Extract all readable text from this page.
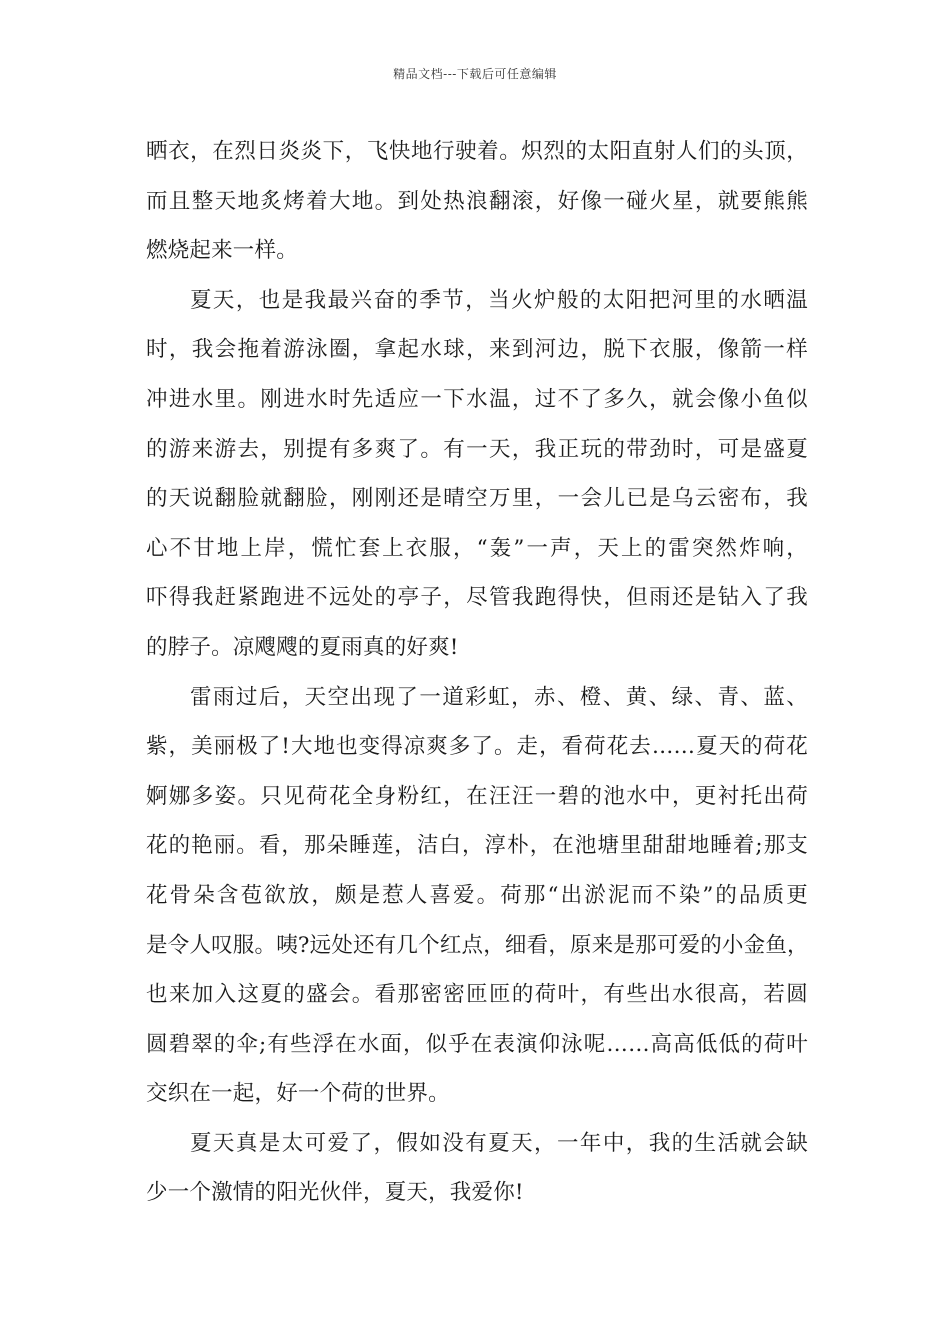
精品文档---下载后可任意编辑
晒衣，在烈日炎炎下，飞快地行驶着。炽烈的太阳直射人们的头顶，
而且整天地炙烤着大地。到处热浪翻滚，好像一碰火星，就要熊熊
燃烧起来一样。
夏天，也是我最兴奋的季节，当火炉般的太阳把河里的水晒温
时，我会拖着游泳圈，拿起水球，来到河边，脱下衣服，像箭一样
冲进水里。刚进水时先适应一下水温，过不了多久，就会像小鱼似
的游来游去，别提有多爽了。有一天，我正玩的带劲时，可是盛夏
的天说翻脸就翻脸，刚刚还是晴空万里，一会儿已是乌云密布，我
心不甘地上岸，慌忙套上衣服，“轰”一声，天上的雷突然炸响，
吓得我赶紧跑进不远处的亭子，尽管我跑得快，但雨还是钻入了我
的脖子。凉飕飕的夏雨真的好爽!
雷雨过后，天空出现了一道彩虹，赤、橙、黄、绿、青、蓝、
紫，美丽极了!大地也变得凉爽多了。走，看荷花去……夏天的荷花
婀娜多姿。只见荷花全身粉红，在汪汪一碧的池水中，更衬托出荷
花的艳丽。看，那朵睡莲，洁白，淳朴，在池塘里甜甜地睡着;那支
花骨朵含苞欲放，颇是惹人喜爱。荷那“出淤泥而不染”的品质更
是令人叹服。咦?远处还有几个红点，细看，原来是那可爱的小金鱼，
也来加入这夏的盛会。看那密密匝匝的荷叶，有些出水很高，若圆
圆碧翠的伞;有些浮在水面，似乎在表演仰泳呢……高高低低的荷叶
交织在一起，好一个荷的世界。
夏天真是太可爱了，假如没有夏天，一年中，我的生活就会缺
少一个激情的阳光伙伴，夏天，我爱你!
